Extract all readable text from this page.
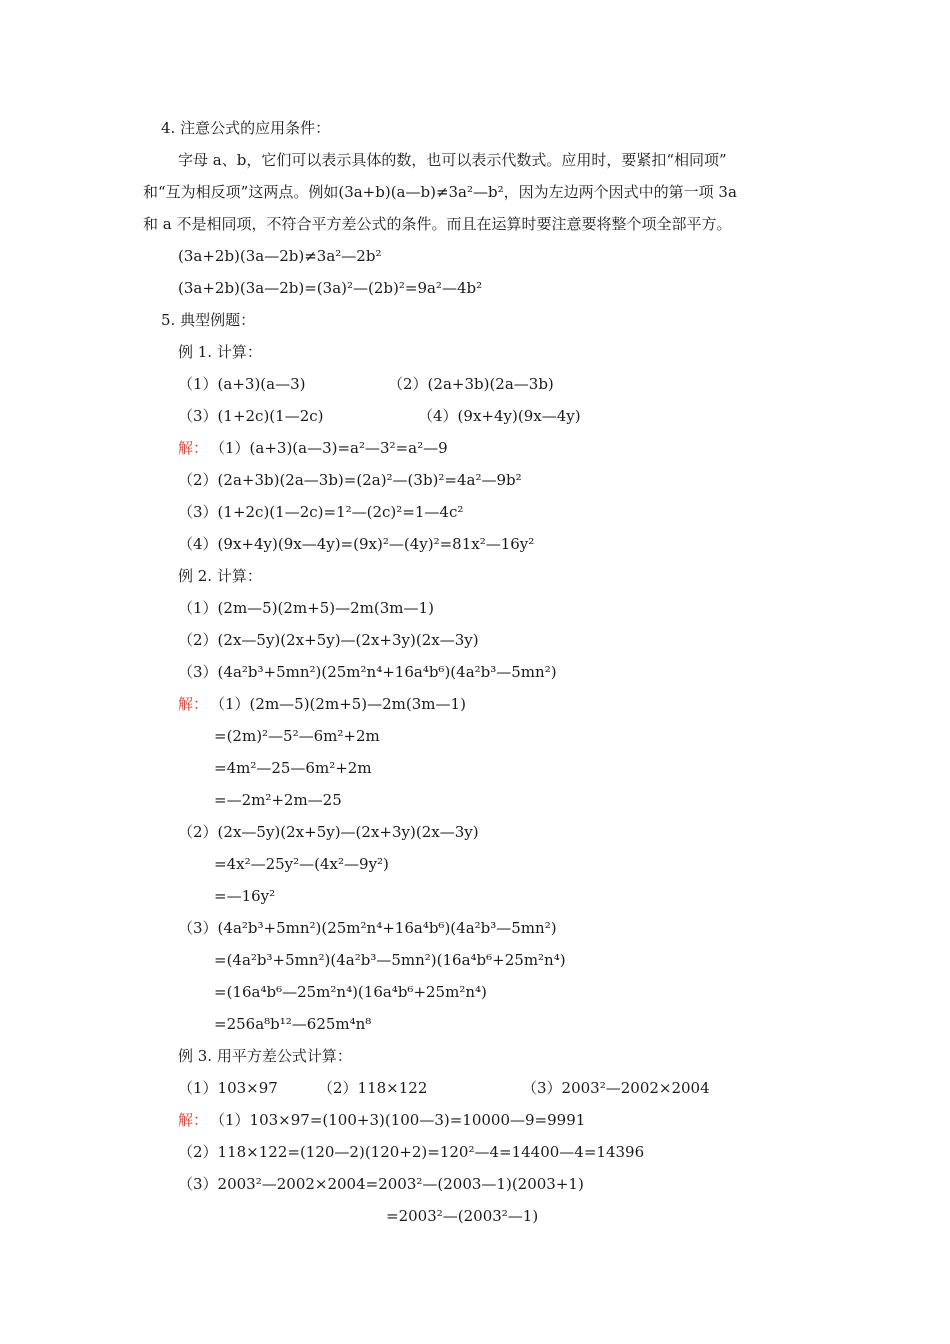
4. 注意公式的应用条件：
字母 a、b，它们可以表示具体的数，也可以表示代数式。应用时，要紧扣“相同项”
和“互为相反项”这两点。例如(3a+b)(a—b)≠3a²—b²，因为左边两个因式中的第一项 3a
和 a 不是相同项，不符合平方差公式的条件。而且在运算时要注意要将整个项全部平方。
(3a+2b)(3a—2b)≠3a²—2b²
(3a+2b)(3a—2b)=(3a)²—(2b)²=9a²—4b²
5. 典型例题：
例 1. 计算：
（1）(a+3)(a—3)	（2）(2a+3b)(2a—3b)
（3）(1+2c)(1—2c)	（4）(9x+4y)(9x—4y)
解： （1）(a+3)(a—3)=a²—3²=a²—9
（2）(2a+3b)(2a—3b)=(2a)²—(3b)²=4a²—9b²
（3）(1+2c)(1—2c)=1²—(2c)²=1—4c²
（4）(9x+4y)(9x—4y)=(9x)²—(4y)²=81x²—16y²
例 2. 计算：
（1）(2m—5)(2m+5)—2m(3m—1)
（2）(2x—5y)(2x+5y)—(2x+3y)(2x—3y)
（3）(4a²b³+5mn²)(25m²n⁴+16a⁴b⁶)(4a²b³—5mn²)
解： （1）(2m—5)(2m+5)—2m(3m—1)
=(2m)²—5²—6m²+2m
=4m²—25—6m²+2m
=—2m²+2m—25
（2）(2x—5y)(2x+5y)—(2x+3y)(2x—3y)
=4x²—25y²—(4x²—9y²)
=—16y²
（3）(4a²b³+5mn²)(25m²n⁴+16a⁴b⁶)(4a²b³—5mn²)
=(4a²b³+5mn²)(4a²b³—5mn²)(16a⁴b⁶+25m²n⁴)
=(16a⁴b⁶—25m²n⁴)(16a⁴b⁶+25m²n⁴)
=256a⁸b¹²—625m⁴n⁸
例 3. 用平方差公式计算：
（1）103×97	（2）118×122	（3）2003²—2002×2004
解： （1）103×97=(100+3)(100—3)=10000—9=9991
（2）118×122=(120—2)(120+2)=120²—4=14400—4=14396
（3）2003²—2002×2004=2003²—(2003—1)(2003+1)
=2003²—(2003²—1)
